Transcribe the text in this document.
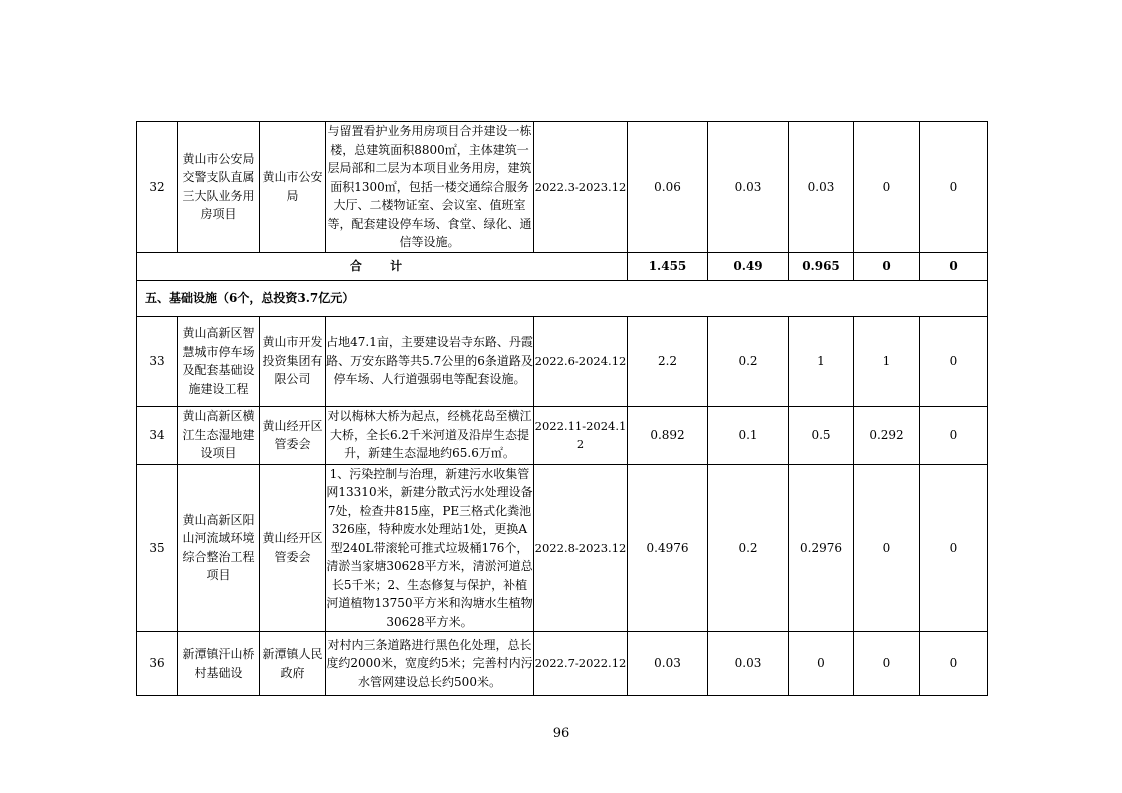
32	黄山市公安局交警支队直属三大队业务用房项目	黄山市公安局	与留置看护业务用房项目合并建设一栋楼，总建筑面积8800㎡，主体建筑一层局部和二层为本项目业务用房，建筑面积1300㎡，包括一楼交通综合服务大厅、二楼物证室、会议室、值班室等，配套建设停车场、食堂、绿化、通信等设施。	2022.3-2023.12	0.06	0.03	0.03	0	0
合 计					1.455	0.49	0.965	0	0
五、基础设施（6个，总投资3.7亿元）									
33	黄山高新区智慧城市停车场及配套基础设施建设工程	黄山市开发投资集团有限公司	占地47.1亩，主要建设岩寺东路、丹霞路、万安东路等共5.7公里的6条道路及停车场、人行道强弱电等配套设施。	2022.6-2024.12	2.2	0.2	1	1	0
34	黄山高新区横江生态湿地建设项目	黄山经开区管委会	对以梅林大桥为起点，经桃花岛至横江大桥，全长6.2千米河道及沿岸生态提升，新建生态湿地约65.6万㎡。	2022.11-2024.12	0.892	0.1	0.5	0.292	0
35	黄山高新区阳山河流域环境综合整治工程项目	黄山经开区管委会	1、污染控制与治理，新建污水收集管网13310米，新建分散式污水处理设备7处，检查井815座，PE三格式化粪池326座，特种废水处理站1处，更换A型240L带滚轮可推式垃圾桶176个，清淤当家塘30628平方米，清淤河道总长5千米；2、生态修复与保护，补植河道植物13750平方米和沟塘水生植物30628平方米。	2022.8-2023.12	0.4976	0.2	0.2976	0	0
36	新潭镇汗山桥村基础设	新潭镇人民政府	对村内三条道路进行黑色化处理，总长度约2000米，宽度约5米；完善村内污水管网建设总长约500米。	2022.7-2022.12	0.03	0.03	0	0	0
96
